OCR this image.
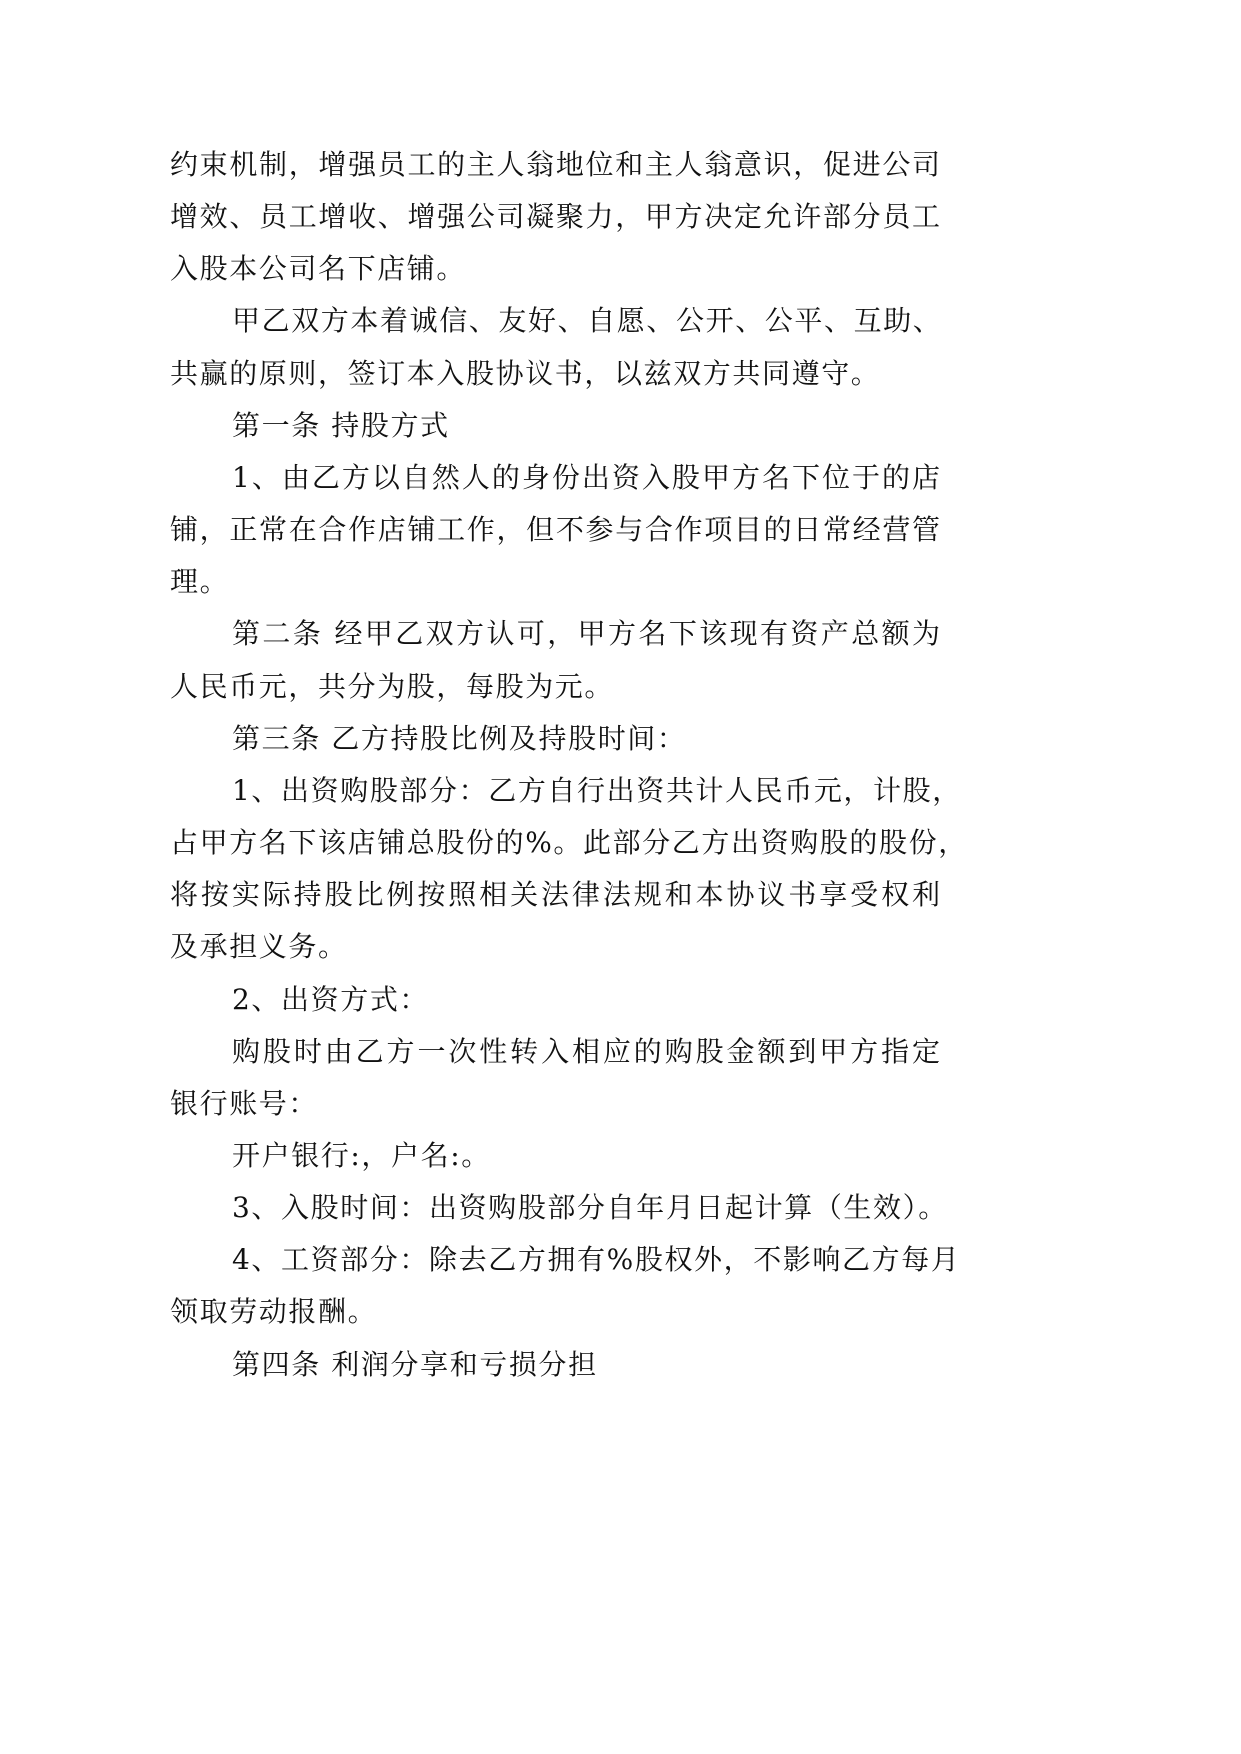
约束机制，增强员工的主人翁地位和主人翁意识，促进公司
增效、员工增收、增强公司凝聚力，甲方决定允许部分员工
入股本公司名下店铺。
甲乙双方本着诚信、友好、自愿、公开、公平、互助、
共赢的原则，签订本入股协议书，以兹双方共同遵守。
第一条 持股方式
1、由乙方以自然人的身份出资入股甲方名下位于的店
铺，正常在合作店铺工作，但不参与合作项目的日常经营管
理。
第二条 经甲乙双方认可，甲方名下该现有资产总额为
人民币元，共分为股，每股为元。
第三条 乙方持股比例及持股时间：
1、出资购股部分：乙方自行出资共计人民币元，计股，
占甲方名下该店铺总股份的%。此部分乙方出资购股的股份，
将按实际持股比例按照相关法律法规和本协议书享受权利
及承担义务。
2、出资方式：
购股时由乙方一次性转入相应的购股金额到甲方指定
银行账号：
开户银行:，户名:。
3、入股时间：出资购股部分自年月日起计算（生效）。
4、工资部分：除去乙方拥有%股权外，不影响乙方每月
领取劳动报酬。
第四条 利润分享和亏损分担
